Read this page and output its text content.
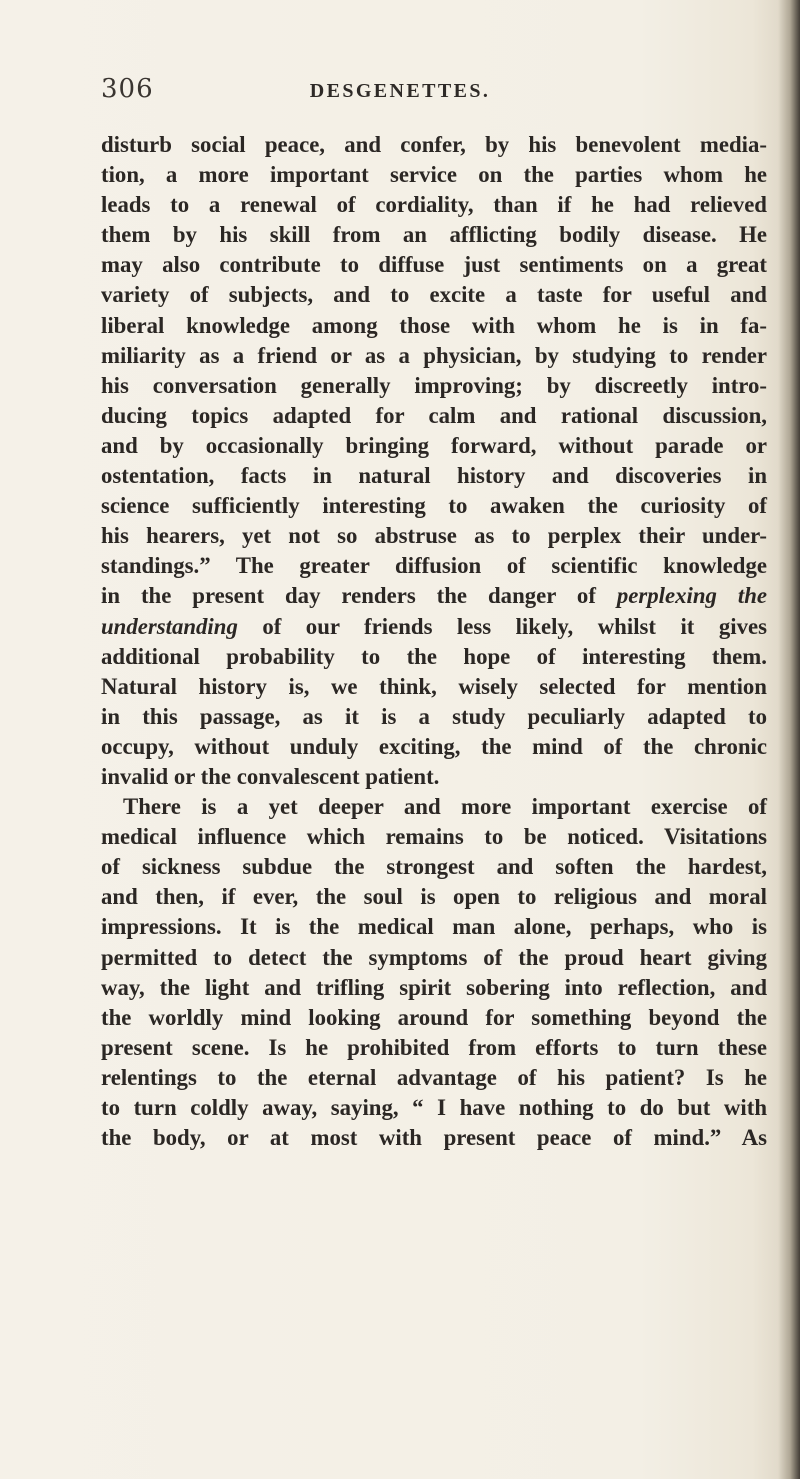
306	DESGENETTES.
disturb social peace, and confer, by his benevolent media-
tion, a more important service on the parties whom he
leads to a renewal of cordiality, than if he had relieved
them by his skill from an afflicting bodily disease. He
may also contribute to diffuse just sentiments on a great
variety of subjects, and to excite a taste for useful and
liberal knowledge among those with whom he is in fa-
miliarity as a friend or as a physician, by studying to render
his conversation generally improving; by discreetly intro-
ducing topics adapted for calm and rational discussion,
and by occasionally bringing forward, without parade or
ostentation, facts in natural history and discoveries in
science sufficiently interesting to awaken the curiosity of
his hearers, yet not so abstruse as to perplex their under-
standings.” The greater diffusion of scientific knowledge
in the present day renders the danger of perplexing the
understanding of our friends less likely, whilst it gives
additional probability to the hope of interesting them.
Natural history is, we think, wisely selected for mention
in this passage, as it is a study peculiarly adapted to
occupy, without unduly exciting, the mind of the chronic
invalid or the convalescent patient.
There is a yet deeper and more important exercise of
medical influence which remains to be noticed. Visitations
of sickness subdue the strongest and soften the hardest,
and then, if ever, the soul is open to religious and moral
impressions. It is the medical man alone, perhaps, who is
permitted to detect the symptoms of the proud heart giving
way, the light and trifling spirit sobering into reflection, and
the worldly mind looking around for something beyond the
present scene. Is he prohibited from efforts to turn these
relentings to the eternal advantage of his patient? Is he
to turn coldly away, saying, “ I have nothing to do but with
the body, or at most with present peace of mind.” As
